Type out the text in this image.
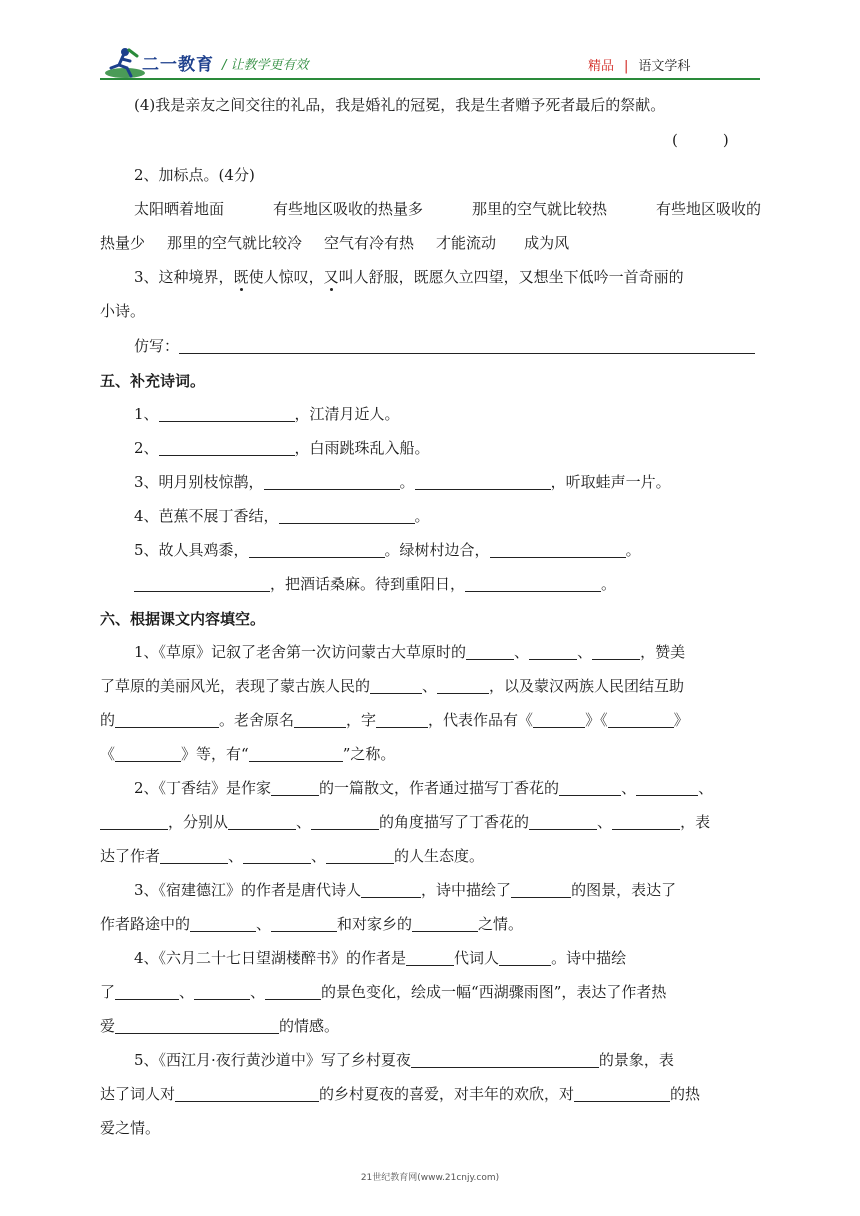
二一教育 / 让教学更有效	精品 | 语文学科
(4)我是亲友之间交往的礼品，我是婚礼的冠冕，我是生者赠予死者最后的祭献。
(　　　)
2、加标点。(4分)
太阳晒着地面	有些地区吸收的热量多	那里的空气就比较热	有些地区吸收的
热量少 那里的空气就比较冷 空气有冷有热 才能流动 成为风
3、这种境界，既使人惊叹，又叫人舒服，既愿久立四望，又想坐下低吟一首奇丽的
小诗。
仿写：
五、补充诗词。
1、	，江清月近人。
2、	，白雨跳珠乱入船。
3、明月别枝惊鹊，	。	，听取蛙声一片。
4、芭蕉不展丁香结，	。
5、故人具鸡黍，	。绿树村边合，	。
，把酒话桑麻。待到重阳日，	。
六、根据课文内容填空。
1、《草原》记叙了老舍第一次访问蒙古大草原时的	、	、	，赞美
了草原的美丽风光，表现了蒙古族人民的	、	，以及蒙汉两族人民团结互助
的	。老舍原名	，字	，代表作品有《	》《	》
《	》等，有“	”之称。
2、《丁香结》是作家	的一篇散文，作者通过描写丁香花的	、	、
，分别从	、	的角度描写了丁香花的	、	，表
达了作者	、	、	的人生态度。
3、《宿建德江》的作者是唐代诗人	，诗中描绘了	的图景，表达了
作者路途中的	、	和对家乡的	之情。
4、《六月二十七日望湖楼醉书》的作者是	代词人	。诗中描绘
了	、	、	的景色变化，绘成一幅“西湖骤雨图”，表达了作者热
爱	的情感。
5、《西江月·夜行黄沙道中》写了乡村夏夜	的景象，表
达了词人对	的乡村夏夜的喜爱，对丰年的欢欣，对	的热
爱之情。
21世纪教育网(www.21cnjy.com)
